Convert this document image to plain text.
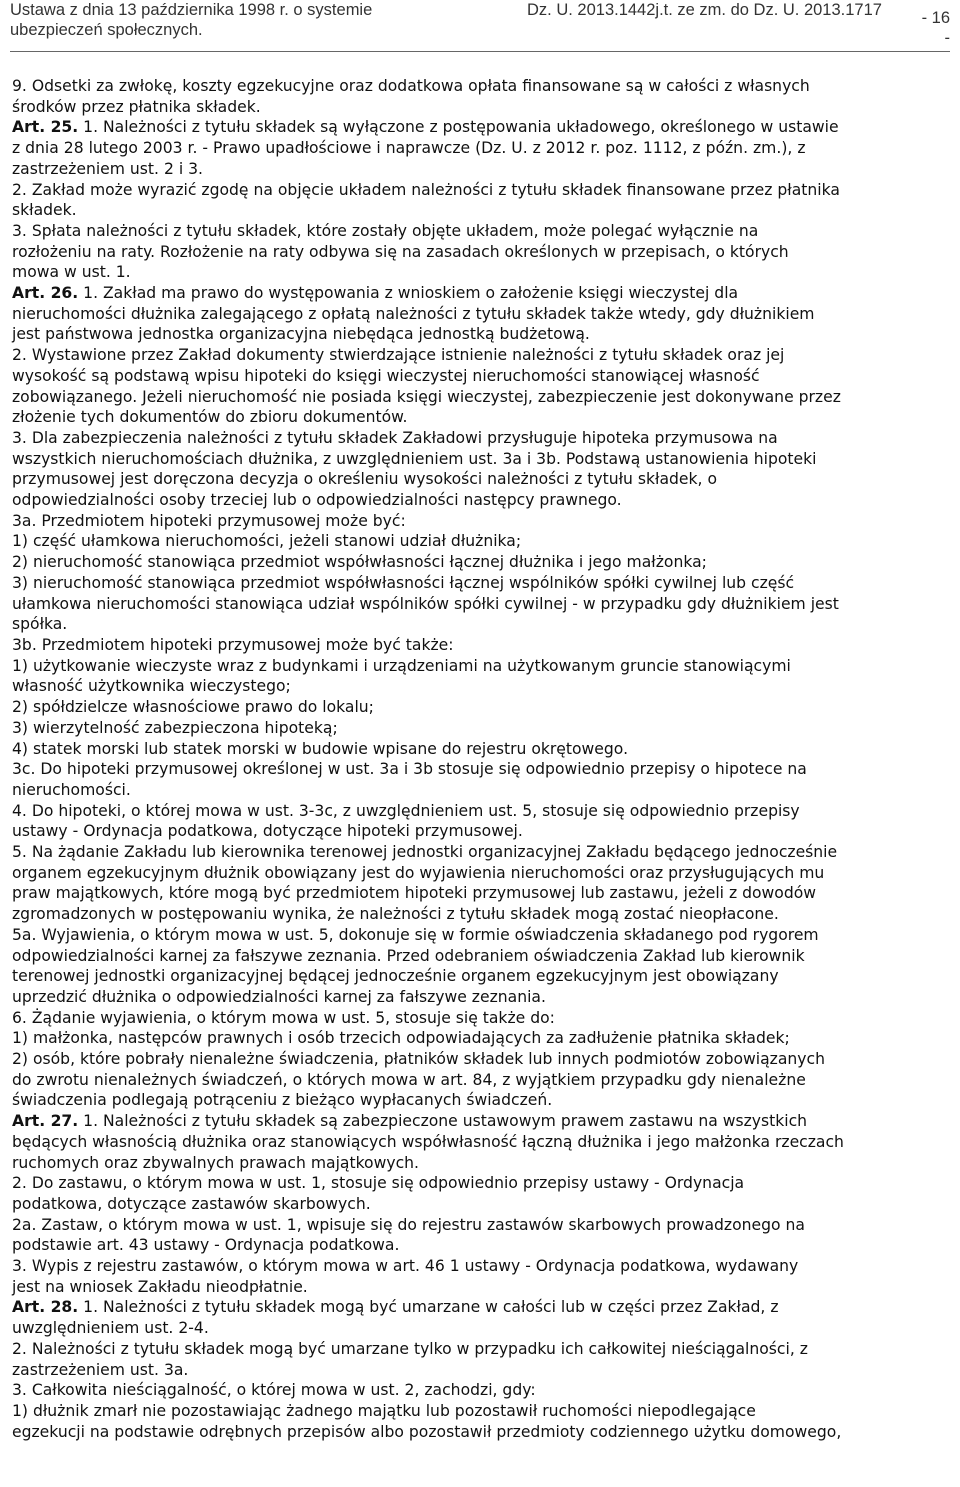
Ustawa z dnia 13 października 1998 r. o systemie
ubezpieczeń społecznych.
Dz. U. 2013.1442j.t. ze zm. do Dz. U. 2013.1717 - 16
-
9. Odsetki za zwłokę, koszty egzekucyjne oraz dodatkowa opłata finansowane są w całości z własnych
środków przez płatnika składek.
Art. 25. 1. Należności z tytułu składek są wyłączone z postępowania układowego, określonego w ustawie
z dnia 28 lutego 2003 r. - Prawo upadłościowe i naprawcze (Dz. U. z 2012 r. poz. 1112, z późn. zm.), z
zastrzeżeniem ust. 2 i 3.
2. Zakład może wyrazić zgodę na objęcie układem należności z tytułu składek finansowane przez płatnika
składek.
3. Spłata należności z tytułu składek, które zostały objęte układem, może polegać wyłącznie na
rozłożeniu na raty. Rozłożenie na raty odbywa się na zasadach określonych w przepisach, o których
mowa w ust. 1.
Art. 26. 1. Zakład ma prawo do występowania z wnioskiem o założenie księgi wieczystej dla
nieruchomości dłużnika zalegającego z opłatą należności z tytułu składek także wtedy, gdy dłużnikiem
jest państwowa jednostka organizacyjna niebędąca jednostką budżetową.
2. Wystawione przez Zakład dokumenty stwierdzające istnienie należności z tytułu składek oraz jej
wysokość są podstawą wpisu hipoteki do księgi wieczystej nieruchomości stanowiącej własność
zobowiązanego. Jeżeli nieruchomość nie posiada księgi wieczystej, zabezpieczenie jest dokonywane przez
złożenie tych dokumentów do zbioru dokumentów.
3. Dla zabezpieczenia należności z tytułu składek Zakładowi przysługuje hipoteka przymusowa na
wszystkich nieruchomościach dłużnika, z uwzględnieniem ust. 3a i 3b. Podstawą ustanowienia hipoteki
przymusowej jest doręczona decyzja o określeniu wysokości należności z tytułu składek, o
odpowiedzialności osoby trzeciej lub o odpowiedzialności następcy prawnego.
3a. Przedmiotem hipoteki przymusowej może być:
1) część ułamkowa nieruchomości, jeżeli stanowi udział dłużnika;
2) nieruchomość stanowiąca przedmiot współwłasności łącznej dłużnika i jego małżonka;
3) nieruchomość stanowiąca przedmiot współwłasności łącznej wspólników spółki cywilnej lub część
ułamkowa nieruchomości stanowiąca udział wspólników spółki cywilnej - w przypadku gdy dłużnikiem jest
spółka.
3b. Przedmiotem hipoteki przymusowej może być także:
1) użytkowanie wieczyste wraz z budynkami i urządzeniami na użytkowanym gruncie stanowiącymi
własność użytkownika wieczystego;
2) spółdzielcze własnościowe prawo do lokalu;
3) wierzytelność zabezpieczona hipoteką;
4) statek morski lub statek morski w budowie wpisane do rejestru okrętowego.
3c. Do hipoteki przymusowej określonej w ust. 3a i 3b stosuje się odpowiednio przepisy o hipotece na
nieruchomości.
4. Do hipoteki, o której mowa w ust. 3-3c, z uwzględnieniem ust. 5, stosuje się odpowiednio przepisy
ustawy - Ordynacja podatkowa, dotyczące hipoteki przymusowej.
5. Na żądanie Zakładu lub kierownika terenowej jednostki organizacyjnej Zakładu będącego jednocześnie
organem egzekucyjnym dłużnik obowiązany jest do wyjawienia nieruchomości oraz przysługujących mu
praw majątkowych, które mogą być przedmiotem hipoteki przymusowej lub zastawu, jeżeli z dowodów
zgromadzonych w postępowaniu wynika, że należności z tytułu składek mogą zostać nieopłacone.
5a. Wyjawienia, o którym mowa w ust. 5, dokonuje się w formie oświadczenia składanego pod rygorem
odpowiedzialności karnej za fałszywe zeznania. Przed odebraniem oświadczenia Zakład lub kierownik
terenowej jednostki organizacyjnej będącej jednocześnie organem egzekucyjnym jest obowiązany
uprzedzić dłużnika o odpowiedzialności karnej za fałszywe zeznania.
6. Żądanie wyjawienia, o którym mowa w ust. 5, stosuje się także do:
1) małżonka, następców prawnych i osób trzecich odpowiadających za zadłużenie płatnika składek;
2) osób, które pobrały nienależne świadczenia, płatników składek lub innych podmiotów zobowiązanych
do zwrotu nienależnych świadczeń, o których mowa w art. 84, z wyjątkiem przypadku gdy nienależne
świadczenia podlegają potrąceniu z bieżąco wypłacanych świadczeń.
Art. 27. 1. Należności z tytułu składek są zabezpieczone ustawowym prawem zastawu na wszystkich
będących własnością dłużnika oraz stanowiących współwłasność łączną dłużnika i jego małżonka rzeczach
ruchomych oraz zbywalnych prawach majątkowych.
2. Do zastawu, o którym mowa w ust. 1, stosuje się odpowiednio przepisy ustawy - Ordynacja
podatkowa, dotyczące zastawów skarbowych.
2a. Zastaw, o którym mowa w ust. 1, wpisuje się do rejestru zastawów skarbowych prowadzonego na
podstawie art. 43 ustawy - Ordynacja podatkowa.
3. Wypis z rejestru zastawów, o którym mowa w art. 46 1 ustawy - Ordynacja podatkowa, wydawany
jest na wniosek Zakładu nieodpłatnie.
Art. 28. 1. Należności z tytułu składek mogą być umarzane w całości lub w części przez Zakład, z
uwzględnieniem ust. 2-4.
2. Należności z tytułu składek mogą być umarzane tylko w przypadku ich całkowitej nieściągalności, z
zastrzeżeniem ust. 3a.
3. Całkowita nieściągalność, o której mowa w ust. 2, zachodzi, gdy:
1) dłużnik zmarł nie pozostawiając żadnego majątku lub pozostawił ruchomości niepodlegające
egzekucji na podstawie odrębnych przepisów albo pozostawił przedmioty codziennego użytku domowego,
